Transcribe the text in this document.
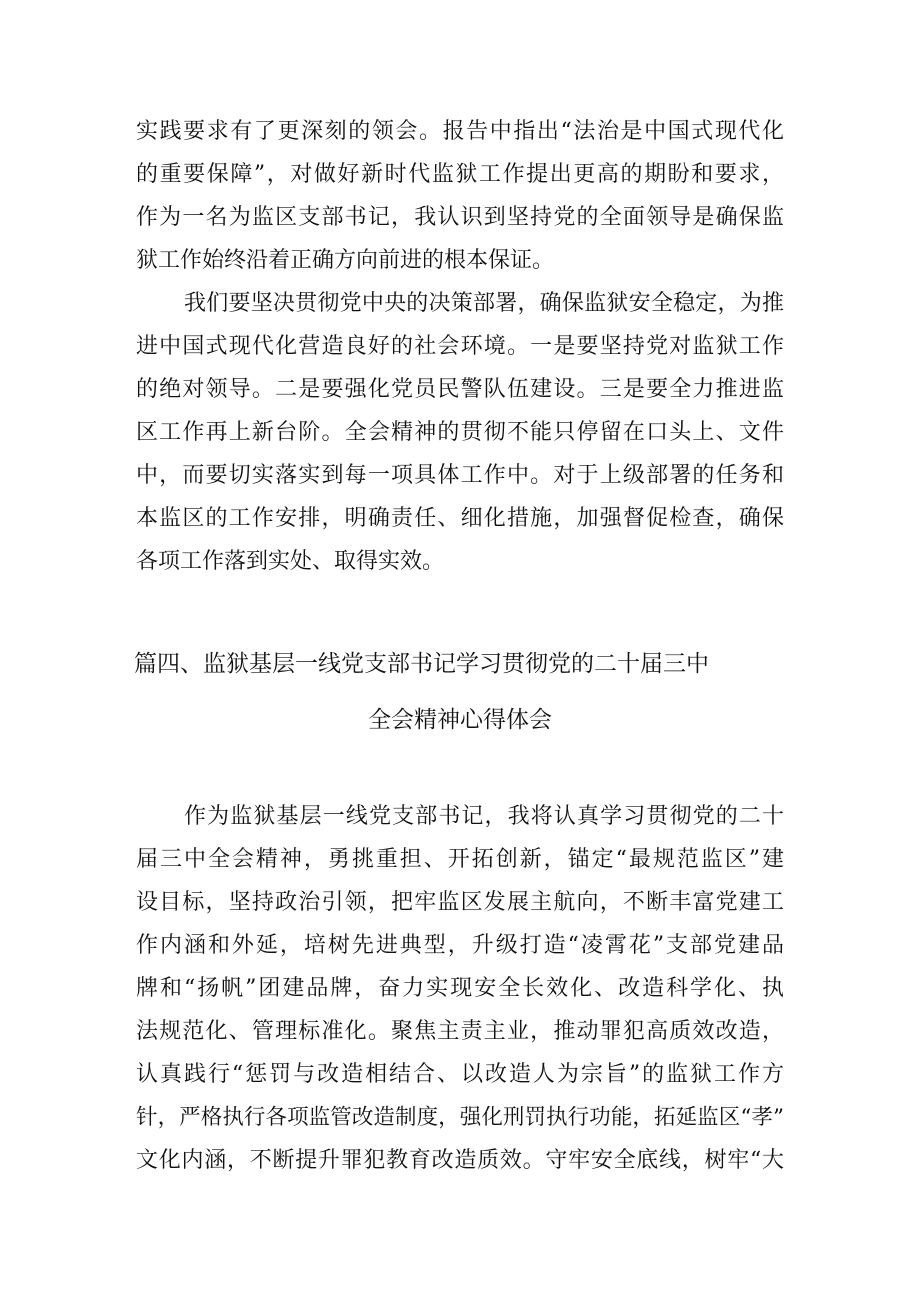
实践要求有了更深刻的领会。报告中指出“法治是中国式现代化
的重要保障”，对做好新时代监狱工作提出更高的期盼和要求，
作为一名为监区支部书记，我认识到坚持党的全面领导是确保监
狱工作始终沿着正确方向前进的根本保证。
我们要坚决贯彻党中央的决策部署，确保监狱安全稳定，为推
进中国式现代化营造良好的社会环境。一是要坚持党对监狱工作
的绝对领导。二是要强化党员民警队伍建设。三是要全力推进监
区工作再上新台阶。全会精神的贯彻不能只停留在口头上、文件
中，而要切实落实到每一项具体工作中。对于上级部署的任务和
本监区的工作安排，明确责任、细化措施，加强督促检查，确保
各项工作落到实处、取得实效。
篇四、监狱基层一线党支部书记学习贯彻党的二十届三中
全会精神心得体会
作为监狱基层一线党支部书记，我将认真学习贯彻党的二十
届三中全会精神，勇挑重担、开拓创新，锚定“最规范监区”建
设目标，坚持政治引领，把牢监区发展主航向，不断丰富党建工
作内涵和外延，培树先进典型，升级打造“凌霄花”支部党建品
牌和“扬帆”团建品牌，奋力实现安全长效化、改造科学化、执
法规范化、管理标准化。聚焦主责主业，推动罪犯高质效改造，
认真践行“惩罚与改造相结合、以改造人为宗旨”的监狱工作方
针，严格执行各项监管改造制度，强化刑罚执行功能，拓延监区“孝”
文化内涵，不断提升罪犯教育改造质效。守牢安全底线，树牢“大
